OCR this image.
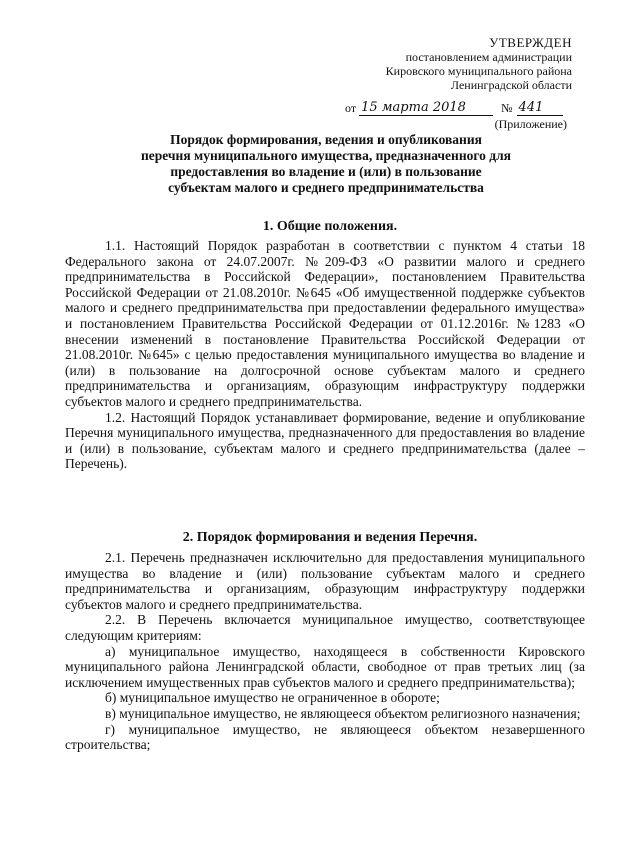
УТВЕРЖДЕН
постановлением администрации
Кировского муниципального района
Ленинградской области
от 15 марта 2018	№ 441
(Приложение)
Порядок формирования, ведения и опубликования
перечня муниципального имущества, предназначенного для
предоставления во владение и (или) в пользование
субъектам малого и среднего предпринимательства
1. Общие положения.

1.1. Настоящий Порядок разработан в соответствии с пунктом 4 статьи 18 Федерального закона от 24.07.2007г. №209-ФЗ «О развитии малого и среднего предпринимательства в Российской Федерации», постановлением Правительства Российской Федерации от 21.08.2010г. №645 «Об имущественной поддержке субъектов малого и среднего предпринимательства при предоставлении федерального имущества» и постановлением Правительства Российской Федерации от 01.12.2016г. №1283 «О внесении изменений в постановление Правительства Российской Федерации от 21.08.2010г. №645» с целью предоставления муниципального имущества во владение и (или) в пользование на долгосрочной основе субъектам малого и среднего предпринимательства и организациям, образующим инфраструктуру поддержки субъектов малого и среднего предпринимательства.

1.2. Настоящий Порядок устанавливает формирование, ведение и опубликование Перечня муниципального имущества, предназначенного для предоставления во владение и (или) в пользование, субъектам малого и среднего предпринимательства (далее – Перечень).

2. Порядок формирования и ведения Перечня.

2.1. Перечень предназначен исключительно для предоставления муниципального имущества во владение и (или) пользование субъектам малого и среднего предпринимательства и организациям, образующим инфраструктуру поддержки субъектов малого и среднего предпринимательства.

2.2. В Перечень включается муниципальное имущество, соответствующее следующим критериям:

а) муниципальное имущество, находящееся в собственности Кировского муниципального района Ленинградской области, свободное от прав третьих лиц (за исключением имущественных прав субъектов малого и среднего предпринимательства);

б) муниципальное имущество не ограниченное в обороте;

в) муниципальное имущество, не являющееся объектом религиозного назначения;

г) муниципальное имущество, не являющееся объектом незавершенного строительства;
